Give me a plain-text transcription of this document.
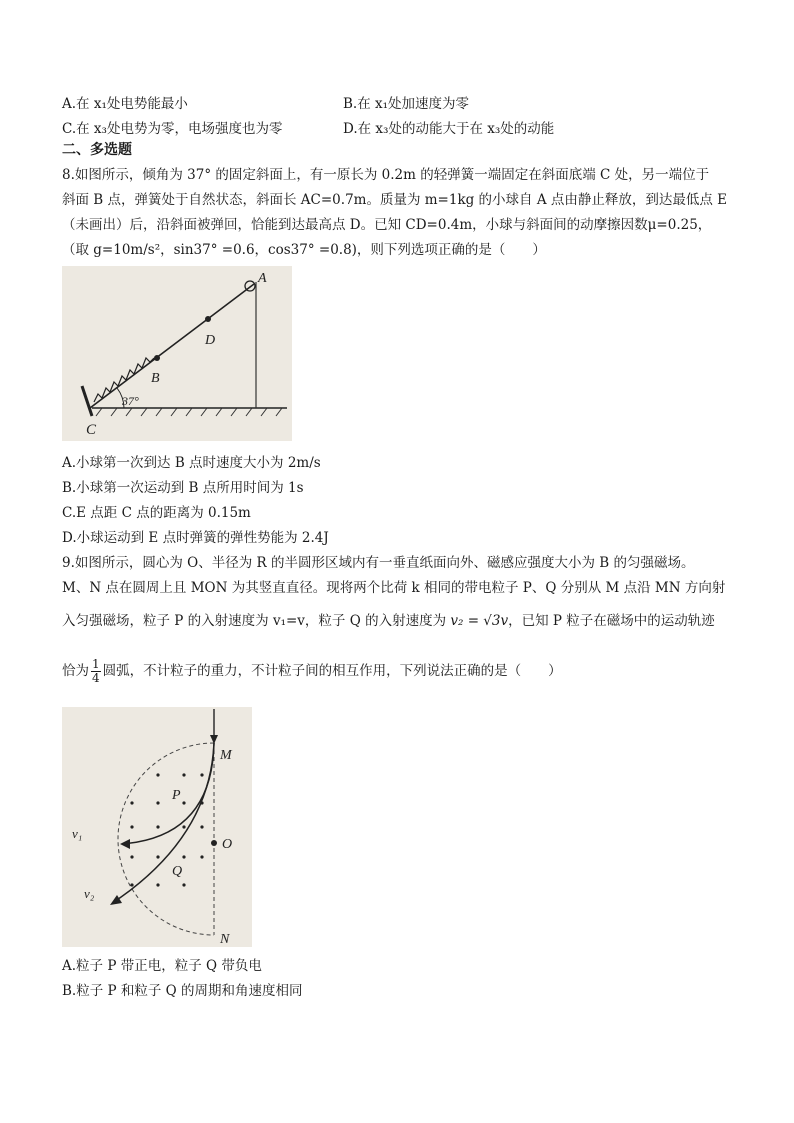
A.在 x₁处电势能最小	B.在 x₁处加速度为零
C.在 x₃处电势为零，电场强度也为零	D.在 x₃处的动能大于在 x₃处的动能
二、多选题
8.如图所示，倾角为 37° 的固定斜面上，有一原长为 0.2m 的轻弹簧一端固定在斜面底端 C 处，另一端位于
斜面 B 点，弹簧处于自然状态，斜面长 AC=0.7m。质量为 m=1kg 的小球自 A 点由静止释放，到达最低点 E
（未画出）后，沿斜面被弹回，恰能到达最高点 D。已知 CD=0.4m，小球与斜面间的动摩擦因数μ=0.25，
（取 g=10m/s²，sin37° =0.6，cos37° =0.8)，则下列选项正确的是（　　）
37°
B
D
A
C
A.小球第一次到达 B 点时速度大小为 2m/s
B.小球第一次运动到 B 点所用时间为 1s
C.E 点距 C 点的距离为 0.15m
D.小球运动到 E 点时弹簧的弹性势能为 2.4J
9.如图所示，圆心为 O、半径为 R 的半圆形区域内有一垂直纸面向外、磁感应强度大小为 B 的匀强磁场。
M、N 点在圆周上且 MON 为其竖直直径。现将两个比荷 k 相同的带电粒子 P、Q 分别从 M 点沿 MN 方向射
入匀强磁场，粒子 P 的入射速度为 v₁=v，粒子 Q 的入射速度为 v₂ = √3v，已知 P 粒子在磁场中的运动轨迹
恰为 $\frac{1}{4}$ 圆弧，不计粒子的重力，不计粒子间的相互作用，下列说法正确的是（　　）
M
O
N
P
Q
v₁
v₂
A.粒子 P 带正电，粒子 Q 带负电
B.粒子 P 和粒子 Q 的周期和角速度相同
